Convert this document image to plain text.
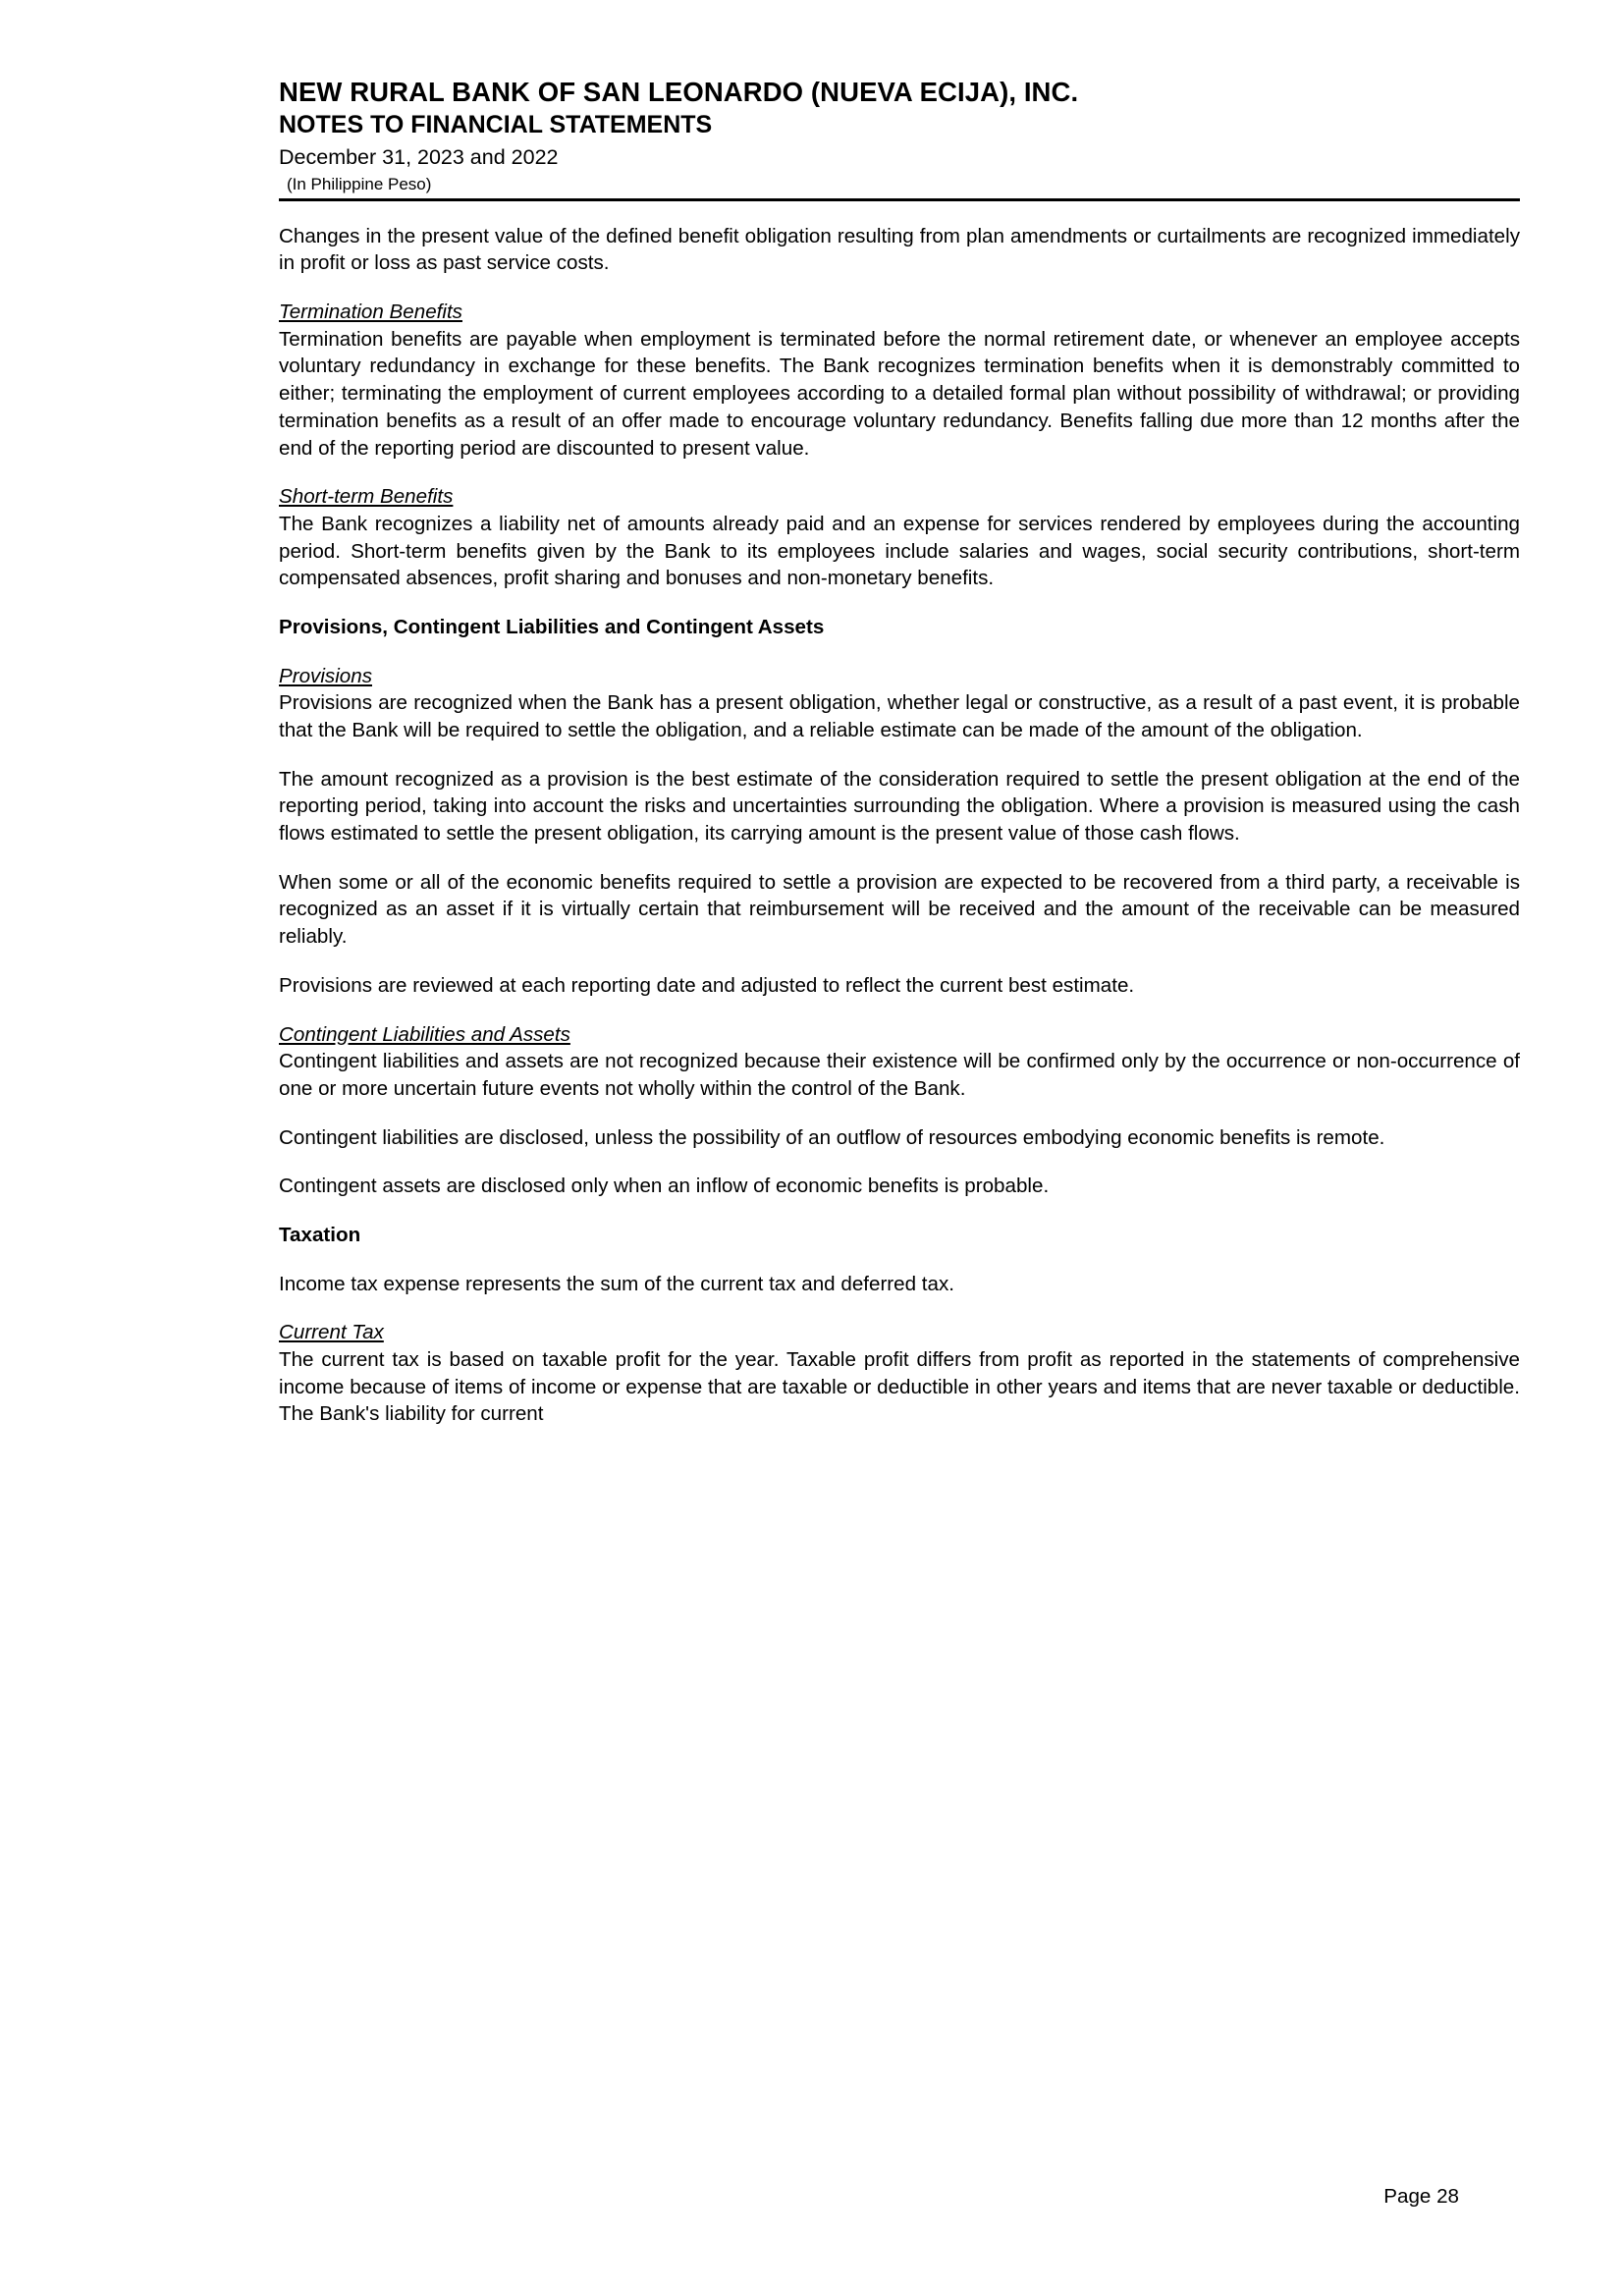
NEW RURAL BANK OF SAN LEONARDO (NUEVA ECIJA), INC.
NOTES TO FINANCIAL STATEMENTS
December 31, 2023 and 2022
(In Philippine Peso)

Changes in the present value of the defined benefit obligation resulting from plan amendments or curtailments are recognized immediately in profit or loss as past service costs.

Termination Benefits

Termination benefits are payable when employment is terminated before the normal retirement date, or whenever an employee accepts voluntary redundancy in exchange for these benefits. The Bank recognizes termination benefits when it is demonstrably committed to either; terminating the employment of current employees according to a detailed formal plan without possibility of withdrawal; or providing termination benefits as a result of an offer made to encourage voluntary redundancy. Benefits falling due more than 12 months after the end of the reporting period are discounted to present value.

Short-term Benefits

The Bank recognizes a liability net of amounts already paid and an expense for services rendered by employees during the accounting period. Short-term benefits given by the Bank to its employees include salaries and wages, social security contributions, short-term compensated absences, profit sharing and bonuses and non-monetary benefits.

Provisions, Contingent Liabilities and Contingent Assets
Provisions

Provisions are recognized when the Bank has a present obligation, whether legal or constructive, as a result of a past event, it is probable that the Bank will be required to settle the obligation, and a reliable estimate can be made of the amount of the obligation.

The amount recognized as a provision is the best estimate of the consideration required to settle the present obligation at the end of the reporting period, taking into account the risks and uncertainties surrounding the obligation. Where a provision is measured using the cash flows estimated to settle the present obligation, its carrying amount is the present value of those cash flows.

When some or all of the economic benefits required to settle a provision are expected to be recovered from a third party, a receivable is recognized as an asset if it is virtually certain that reimbursement will be received and the amount of the receivable can be measured reliably.

Provisions are reviewed at each reporting date and adjusted to reflect the current best estimate.

Contingent Liabilities and Assets

Contingent liabilities and assets are not recognized because their existence will be confirmed only by the occurrence or non-occurrence of one or more uncertain future events not wholly within the control of the Bank.

Contingent liabilities are disclosed, unless the possibility of an outflow of resources embodying economic benefits is remote.

Contingent assets are disclosed only when an inflow of economic benefits is probable.

Taxation

Income tax expense represents the sum of the current tax and deferred tax.

Current Tax

The current tax is based on taxable profit for the year. Taxable profit differs from profit as reported in the statements of comprehensive income because of items of income or expense that are taxable or deductible in other years and items that are never taxable or deductible. The Bank's liability for current

Page 28
